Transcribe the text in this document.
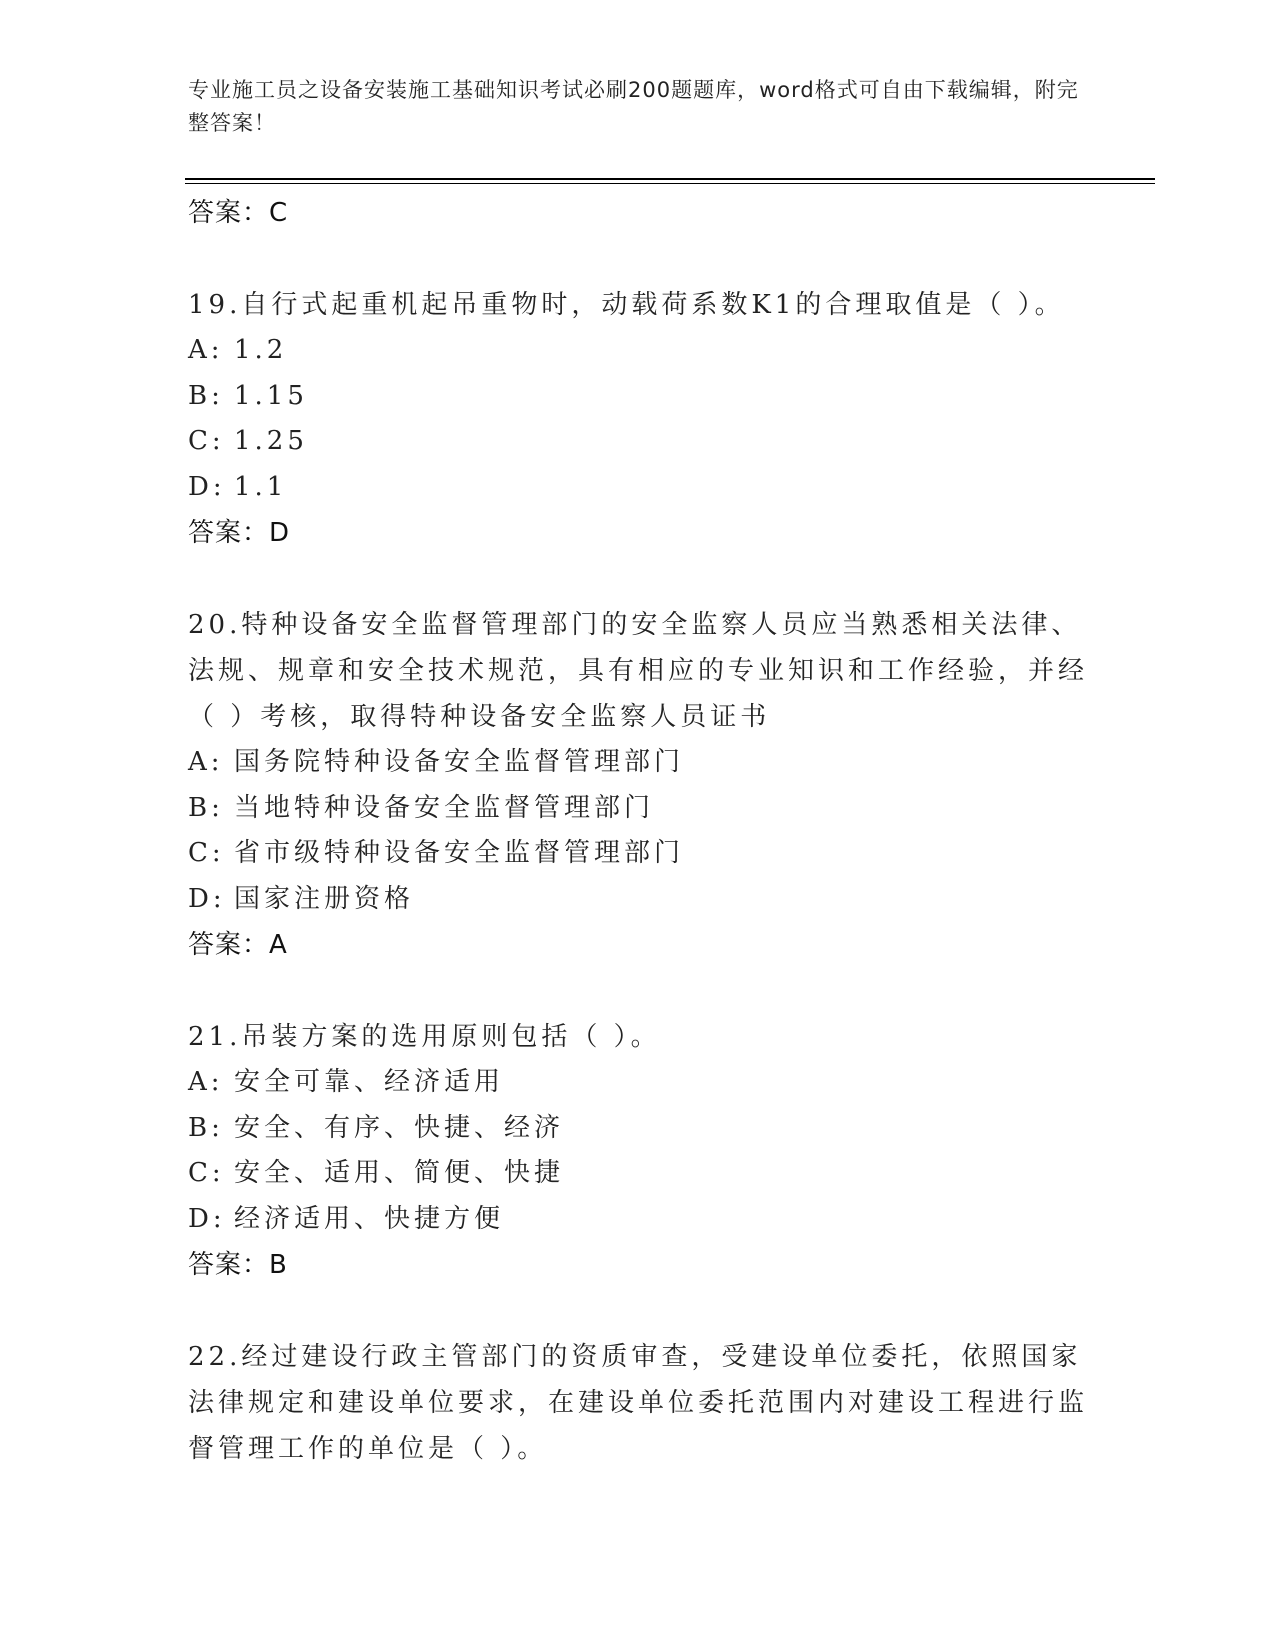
专业施工员之设备安装施工基础知识考试必刷200题题库，word格式可自由下载编辑，附完整答案！
答案：C
19.自行式起重机起吊重物时，动载荷系数K1的合理取值是（ ）。
A: 1.2
B: 1.15
C: 1.25
D: 1.1
答案：D
20.特种设备安全监督管理部门的安全监察人员应当熟悉相关法律、法规、规章和安全技术规范，具有相应的专业知识和工作经验，并经（ ）考核，取得特种设备安全监察人员证书
A: 国务院特种设备安全监督管理部门
B: 当地特种设备安全监督管理部门
C: 省市级特种设备安全监督管理部门
D: 国家注册资格
答案：A
21.吊装方案的选用原则包括（ ）。
A: 安全可靠、经济适用
B: 安全、有序、快捷、经济
C: 安全、适用、简便、快捷
D: 经济适用、快捷方便
答案：B
22.经过建设行政主管部门的资质审查，受建设单位委托，依照国家法律规定和建设单位要求，在建设单位委托范围内对建设工程进行监督管理工作的单位是（ ）。
